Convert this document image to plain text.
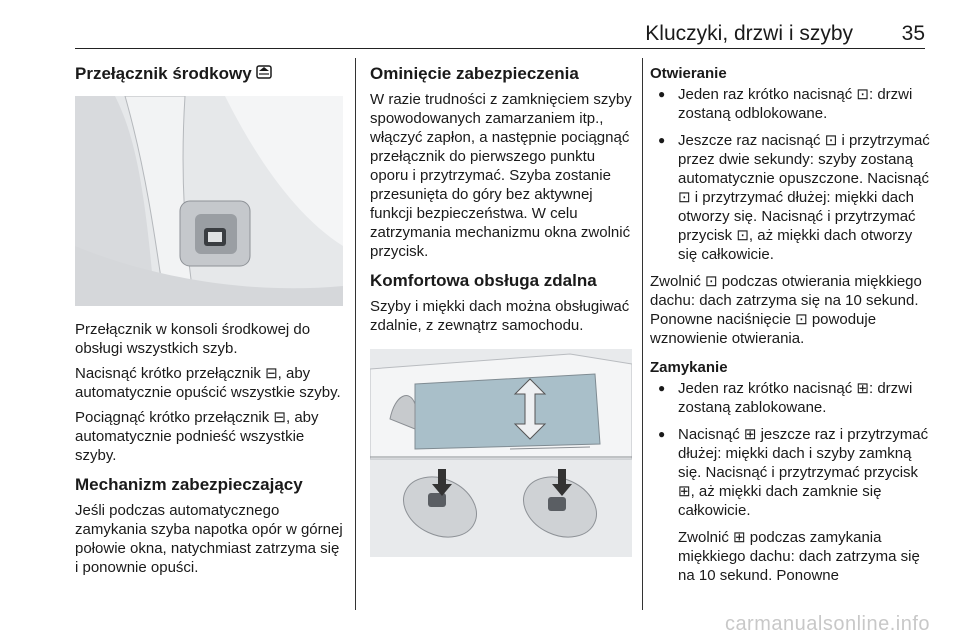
Kluczyki, drzwi i szyby 35
Przełącznik środkowy

Przełącznik w konsoli środkowej do obsługi wszystkich szyb.

Nacisnąć krótko przełącznik ⊟, aby automatycznie opuścić wszystkie szyby.

Pociągnąć krótko przełącznik ⊟, aby automatycznie podnieść wszystkie szyby.

Mechanizm zabezpieczający

Jeśli podczas automatycznego zamykania szyba napotka opór w górnej połowie okna, natychmiast zatrzyma się i ponownie opuści.

Ominięcie zabezpieczenia

W razie trudności z zamknięciem szyby spowodowanych zamarzaniem itp., włączyć zapłon, a następnie pociągnąć przełącznik do pierwszego punktu oporu i przytrzymać. Szyba zostanie przesunięta do góry bez aktywnej funkcji bezpieczeństwa. W celu zatrzymania mechanizmu okna zwolnić przycisk.

Komfortowa obsługa zdalna

Szyby i miękki dach można obsługiwać zdalnie, z zewnątrz samochodu.

Otwieranie
● Jeden raz krótko nacisnąć ⊡: drzwi zostaną odblokowane.
● Jeszcze raz nacisnąć ⊡ i przytrzymać przez dwie sekundy: szyby zostaną automatycznie opuszczone. Nacisnąć ⊡ i przytrzymać dłużej: miękki dach otworzy się. Nacisnąć i przytrzymać przycisk ⊡, aż miękki dach otworzy się całkowicie.

Zwolnić ⊡ podczas otwierania miękkiego dachu: dach zatrzyma się na 10 sekund. Ponowne naciśnięcie ⊡ powoduje wznowienie otwierania.

Zamykanie
● Jeden raz krótko nacisnąć ⊞: drzwi zostaną zablokowane.
● Nacisnąć ⊞ jeszcze raz i przytrzymać dłużej: miękki dach i szyby zamkną się. Nacisnąć i przytrzymać przycisk ⊞, aż miękki dach zamknie się całkowicie.

Zwolnić ⊞ podczas zamykania miękkiego dachu: dach zatrzyma się na 10 sekund. Ponowne

carmanualsonline.info
